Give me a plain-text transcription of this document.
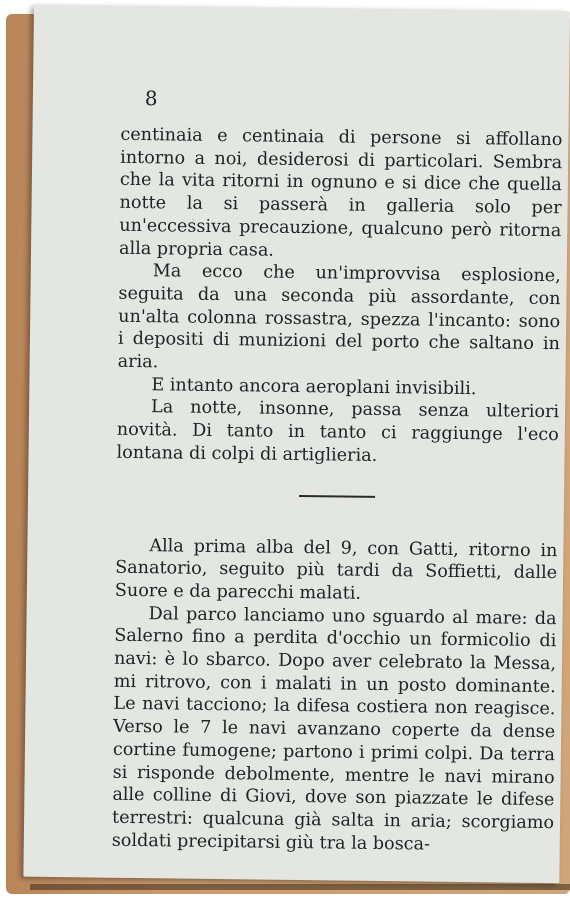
8

centinaia e centinaia di persone si affollano intorno a noi, desiderosi di particolari. Sembra che la vita ritorni in ognuno e si dice che quella notte la si passerà in galleria solo per un'eccessiva precauzione, qualcuno però ritorna alla propria casa.

Ma ecco che un'improvvisa esplosione, seguita da una seconda più assordante, con un'alta colonna rossastra, spezza l'incanto: sono i depositi di munizioni del porto che saltano in aria.

E intanto ancora aeroplani invisibili.

La notte, insonne, passa senza ulteriori novità. Di tanto in tanto ci raggiunge l'eco lontana di colpi di artiglieria.

Alla prima alba del 9, con Gatti, ritorno in Sanatorio, seguito più tardi da Soffietti, dalle Suore e da parecchi malati.

Dal parco lanciamo uno sguardo al mare: da Salerno fino a perdita d'occhio un formicolio di navi: è lo sbarco. Dopo aver celebrato la Messa, mi ritrovo, con i malati in un posto dominante. Le navi tacciono; la difesa costiera non reagisce. Verso le 7 le navi avanzano coperte da dense cortine fumogene; partono i primi colpi. Da terra si risponde debolmente, mentre le navi mirano alle colline di Giovi, dove son piazzate le difese terrestri: qualcuna già salta in aria; scorgiamo soldati precipitarsi giù tra la bosca-
